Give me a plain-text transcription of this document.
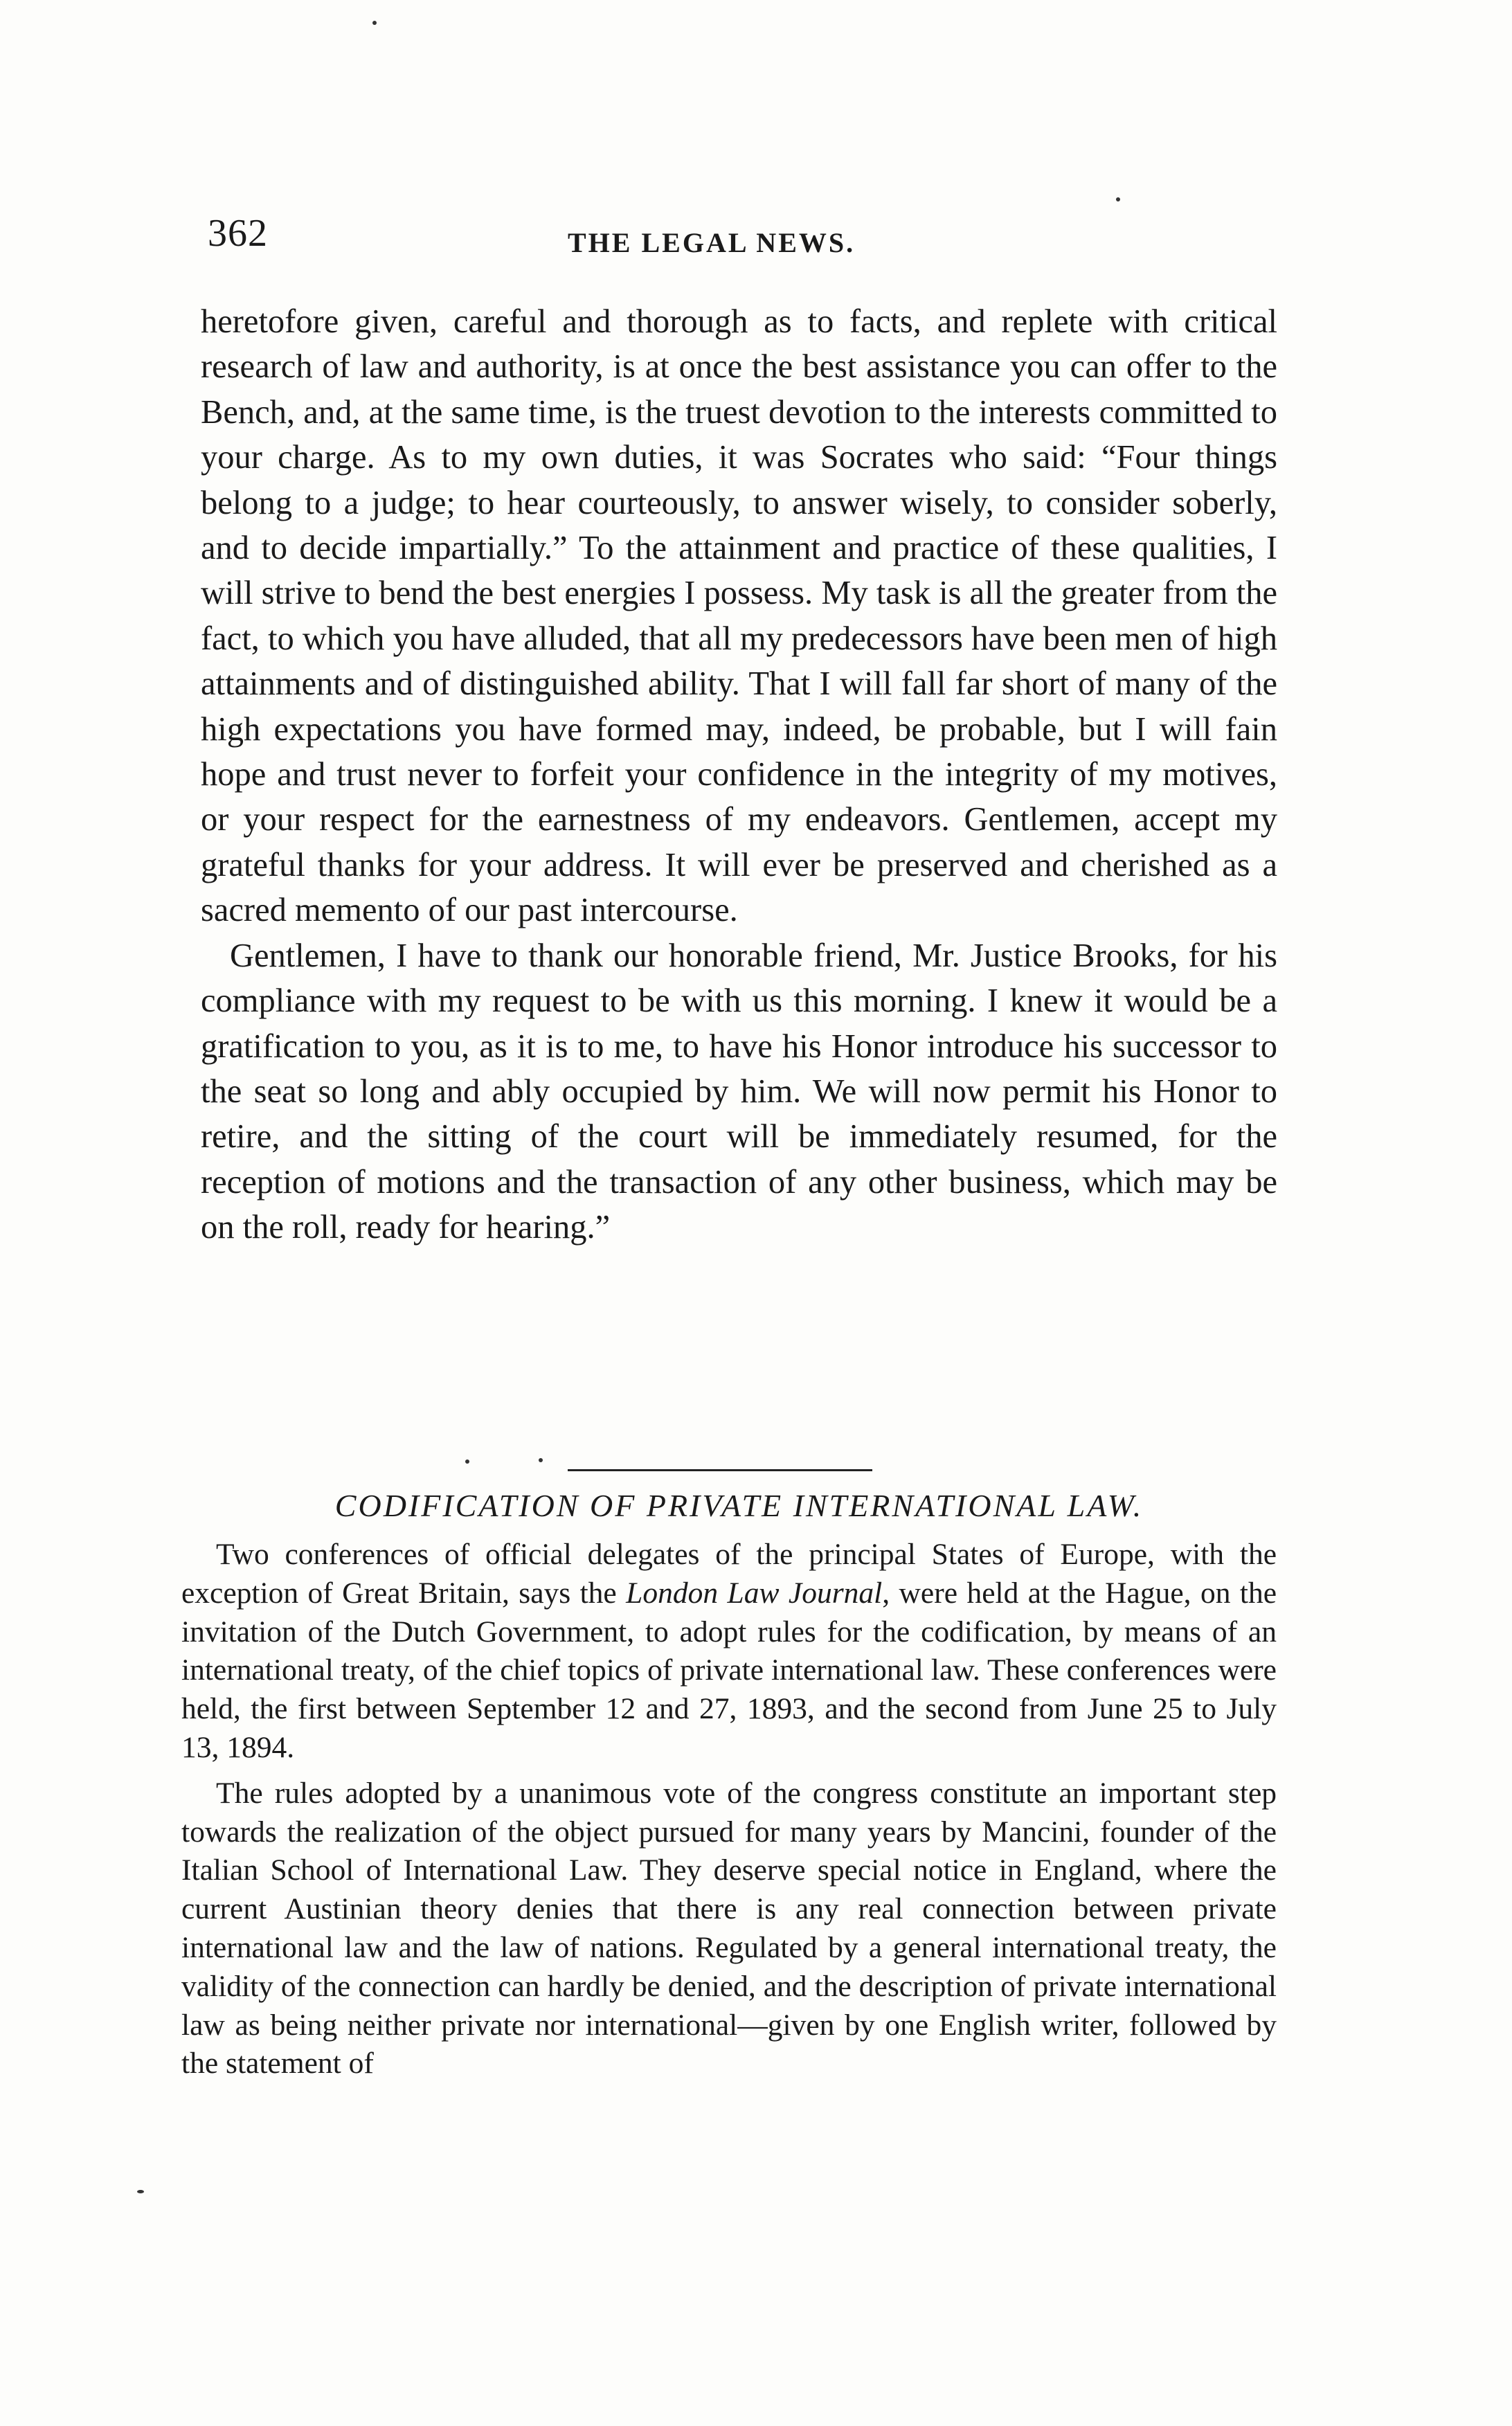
362	THE LEGAL NEWS.

heretofore given, careful and thorough as to facts, and replete with critical research of law and authority, is at once the best assistance you can offer to the Bench, and, at the same time, is the truest devotion to the interests committed to your charge. As to my own duties, it was Socrates who said: “Four things belong to a judge; to hear courteously, to answer wisely, to consider soberly, and to decide impartially.” To the attainment and practice of these qualities, I will strive to bend the best energies I possess. My task is all the greater from the fact, to which you have alluded, that all my predecessors have been men of high attainments and of distinguished ability. That I will fall far short of many of the high expectations you have formed may, indeed, be probable, but I will fain hope and trust never to forfeit your confidence in the integrity of my motives, or your respect for the earnestness of my endeavors. Gentlemen, accept my grateful thanks for your address. It will ever be preserved and cherished as a sacred memento of our past intercourse.

Gentlemen, I have to thank our honorable friend, Mr. Justice Brooks, for his compliance with my request to be with us this morning. I knew it would be a gratification to you, as it is to me, to have his Honor introduce his successor to the seat so long and ably occupied by him. We will now permit his Honor to retire, and the sitting of the court will be immediately resumed, for the reception of motions and the transaction of any other business, which may be on the roll, ready for hearing.”

CODIFICATION OF PRIVATE INTERNATIONAL LAW.

Two conferences of official delegates of the principal States of Europe, with the exception of Great Britain, says the London Law Journal, were held at the Hague, on the invitation of the Dutch Government, to adopt rules for the codification, by means of an international treaty, of the chief topics of private international law. These conferences were held, the first between September 12 and 27, 1893, and the second from June 25 to July 13, 1894.

The rules adopted by a unanimous vote of the congress constitute an important step towards the realization of the object pursued for many years by Mancini, founder of the Italian School of International Law. They deserve special notice in England, where the current Austinian theory denies that there is any real connection between private international law and the law of nations. Regulated by a general international treaty, the validity of the connection can hardly be denied, and the description of private international law as being neither private nor international—given by one English writer, followed by the statement of
